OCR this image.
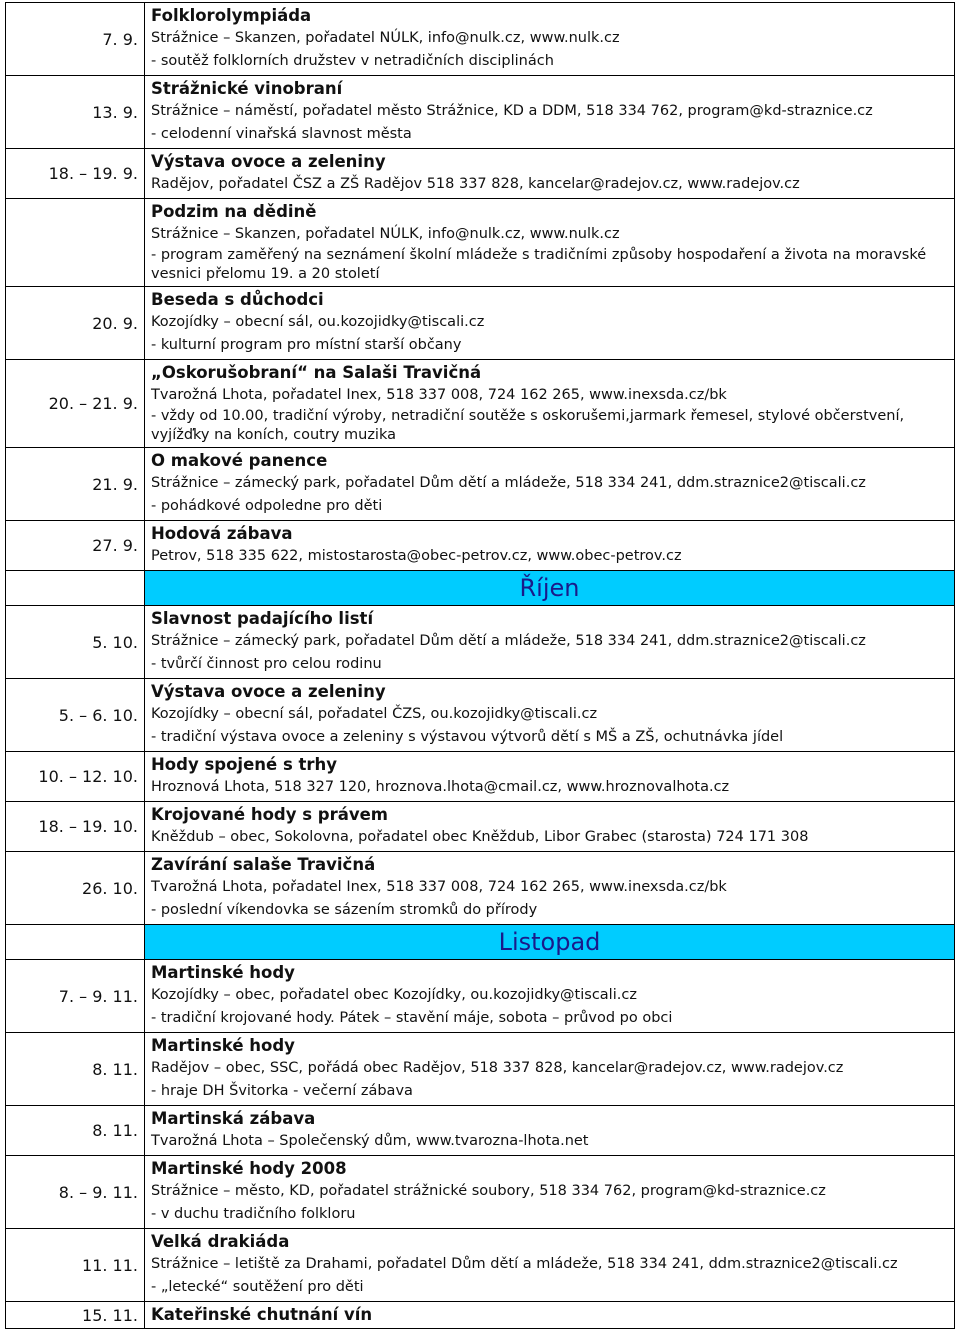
7. 9.	Folklorolympiáda
Strážnice – Skanzen, pořadatel NÚLK, info@nulk.cz, www.nulk.cz
- soutěž folklorních družstev v netradičních disciplinách

13. 9.	Strážnické vinobraní
Strážnice – náměstí, pořadatel město Strážnice, KD a DDM, 518 334 762, program@kd-straznice.cz
- celodenní vinařská slavnost města

18. – 19. 9.	Výstava ovoce a zeleniny
Radějov, pořadatel ČSZ a ZŠ Radějov 518 337 828, kancelar@radejov.cz, www.radejov.cz

	Podzim na dědině
Strážnice – Skanzen, pořadatel NÚLK, info@nulk.cz, www.nulk.cz
- program zaměřený na seznámení školní mládeže s tradičními způsoby hospodaření a života na moravské vesnici přelomu 19. a 20 století

20. 9.	Beseda s důchodci
Kozojídky – obecní sál, ou.kozojidky@tiscali.cz
- kulturní program pro místní starší občany

20. – 21. 9.	„Oskorušobraní“ na Salaši Travičná
Tvarožná Lhota, pořadatel Inex, 518 337 008, 724 162 265, www.inexsda.cz/bk
- vždy od 10.00, tradiční výroby, netradiční soutěže s oskorušemi,jarmark řemesel, stylové občerstvení, vyjížďky na koních, coutry muzika

21. 9.	O makové panence
Strážnice – zámecký park, pořadatel Dům dětí a mládeže, 518 334 241, ddm.straznice2@tiscali.cz
- pohádkové odpoledne pro děti

27. 9.	Hodová zábava
Petrov, 518 335 622, mistostarosta@obec-petrov.cz, www.obec-petrov.cz

	Říjen
5. 10.	Slavnost padajícího listí
Strážnice – zámecký park, pořadatel Dům dětí a mládeže, 518 334 241, ddm.straznice2@tiscali.cz
- tvůrčí činnost pro celou rodinu

5. – 6. 10.	Výstava ovoce a zeleniny
Kozojídky – obecní sál, pořadatel ČZS, ou.kozojidky@tiscali.cz
- tradiční výstava ovoce a zeleniny s výstavou výtvorů dětí s MŠ a ZŠ, ochutnávka jídel

10. – 12. 10.	Hody spojené s trhy
Hroznová Lhota, 518 327 120, hroznova.lhota@cmail.cz, www.hroznovalhota.cz

18. – 19. 10.	Krojované hody s právem
Kněždub – obec, Sokolovna, pořadatel obec Kněždub, Libor Grabec (starosta) 724 171 308

26. 10.	Zavírání salaše Travičná
Tvarožná Lhota, pořadatel Inex, 518 337 008, 724 162 265, www.inexsda.cz/bk
- poslední víkendovka se sázením stromků do přírody

	Listopad
7. – 9. 11.	Martinské hody
Kozojídky – obec, pořadatel obec Kozojídky, ou.kozojidky@tiscali.cz
- tradiční krojované hody. Pátek – stavění máje, sobota – průvod po obci

8. 11.	Martinské hody
Radějov – obec, SSC, pořádá obec Radějov, 518 337 828, kancelar@radejov.cz, www.radejov.cz
- hraje DH Švitorka - večerní zábava

8. 11.	Martinská zábava
Tvarožná Lhota – Společenský dům, www.tvarozna-lhota.net

8. – 9. 11.	Martinské hody 2008
Strážnice – město, KD, pořadatel strážnické soubory, 518 334 762, program@kd-straznice.cz
- v duchu tradičního folkloru

11. 11.	Velká drakiáda
Strážnice – letiště za Drahami, pořadatel Dům dětí a mládeže, 518 334 241, ddm.straznice2@tiscali.cz
- „letecké“ soutěžení pro děti

15. 11.	Kateřinské chutnání vín
